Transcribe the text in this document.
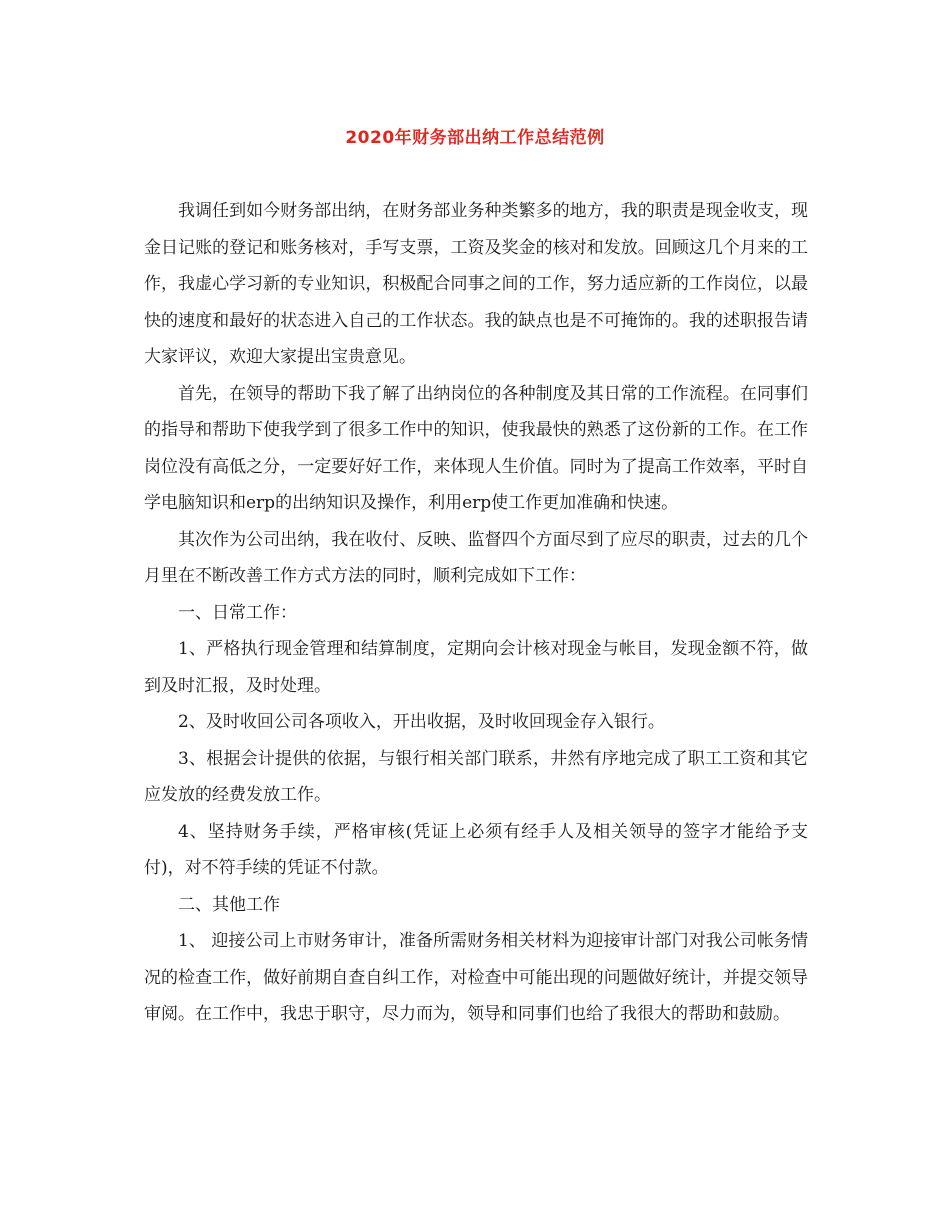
2020年财务部出纳工作总结范例

我调任到如今财务部出纳，在财务部业务种类繁多的地方，我的职责是现金收支，现金日记账的登记和账务核对，手写支票，工资及奖金的核对和发放。回顾这几个月来的工作，我虚心学习新的专业知识，积极配合同事之间的工作，努力适应新的工作岗位，以最快的速度和最好的状态进入自己的工作状态。我的缺点也是不可掩饰的。我的述职报告请大家评议，欢迎大家提出宝贵意见。

首先，在领导的帮助下我了解了出纳岗位的各种制度及其日常的工作流程。在同事们的指导和帮助下使我学到了很多工作中的知识，使我最快的熟悉了这份新的工作。在工作岗位没有高低之分，一定要好好工作，来体现人生价值。同时为了提高工作效率，平时自学电脑知识和erp的出纳知识及操作，利用erp使工作更加准确和快速。

其次作为公司出纳，我在收付、反映、监督四个方面尽到了应尽的职责，过去的几个月里在不断改善工作方式方法的同时，顺利完成如下工作：

一、日常工作：

1、严格执行现金管理和结算制度，定期向会计核对现金与帐目，发现金额不符，做到及时汇报，及时处理。

2、及时收回公司各项收入，开出收据，及时收回现金存入银行。

3、根据会计提供的依据，与银行相关部门联系，井然有序地完成了职工工资和其它应发放的经费发放工作。

4、坚持财务手续，严格审核(凭证上必须有经手人及相关领导的签字才能给予支付)，对不符手续的凭证不付款。

二、其他工作

1、 迎接公司上市财务审计，准备所需财务相关材料为迎接审计部门对我公司帐务情况的检查工作，做好前期自查自纠工作，对检查中可能出现的问题做好统计，并提交领导审阅。在工作中，我忠于职守，尽力而为，领导和同事们也给了我很大的帮助和鼓励。
